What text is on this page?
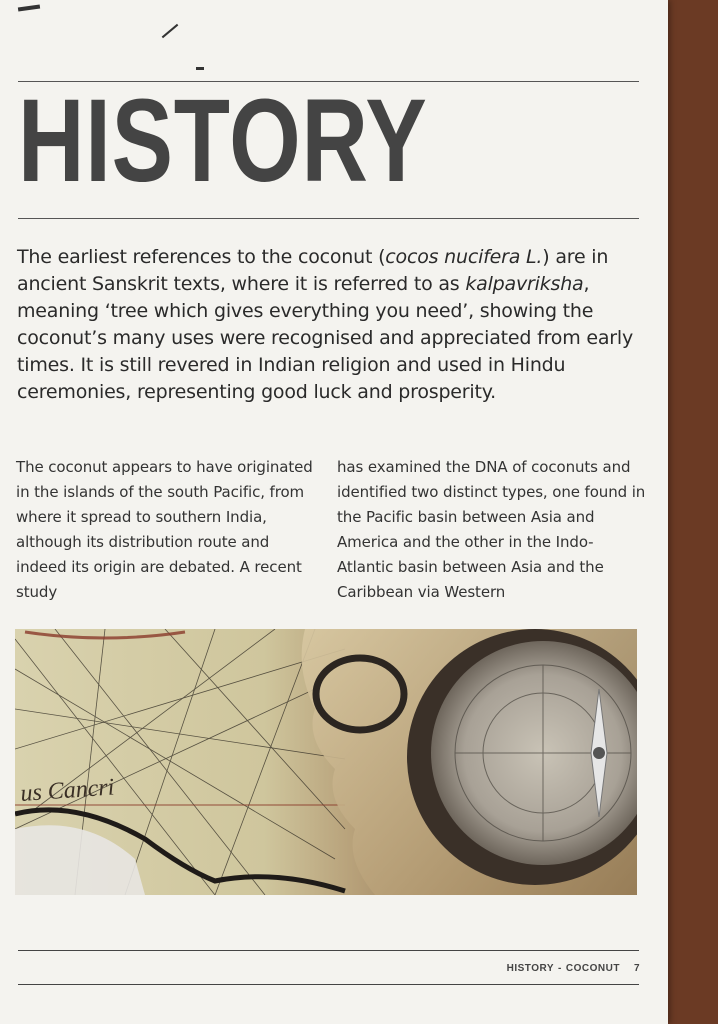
HISTORY

The earliest references to the coconut (cocos nucifera L.) are in ancient Sanskrit texts, where it is referred to as kalpavriksha, meaning ‘tree which gives everything you need’, showing the coconut’s many uses were recognised and appreciated from early times. It is still revered in Indian religion and used in Hindu ceremonies, representing good luck and prosperity.

The coconut appears to have originated in the islands of the south Pacific, from where it spread to southern India, although its distribution route and indeed its origin are debated. A recent study

has examined the DNA of coconuts and identified two distinct types, one found in the Pacific basin between Asia and America and the other in the Indo-Atlantic basin between Asia and the Caribbean via Western

us Cancri
HISTORY - COCONUT 7
